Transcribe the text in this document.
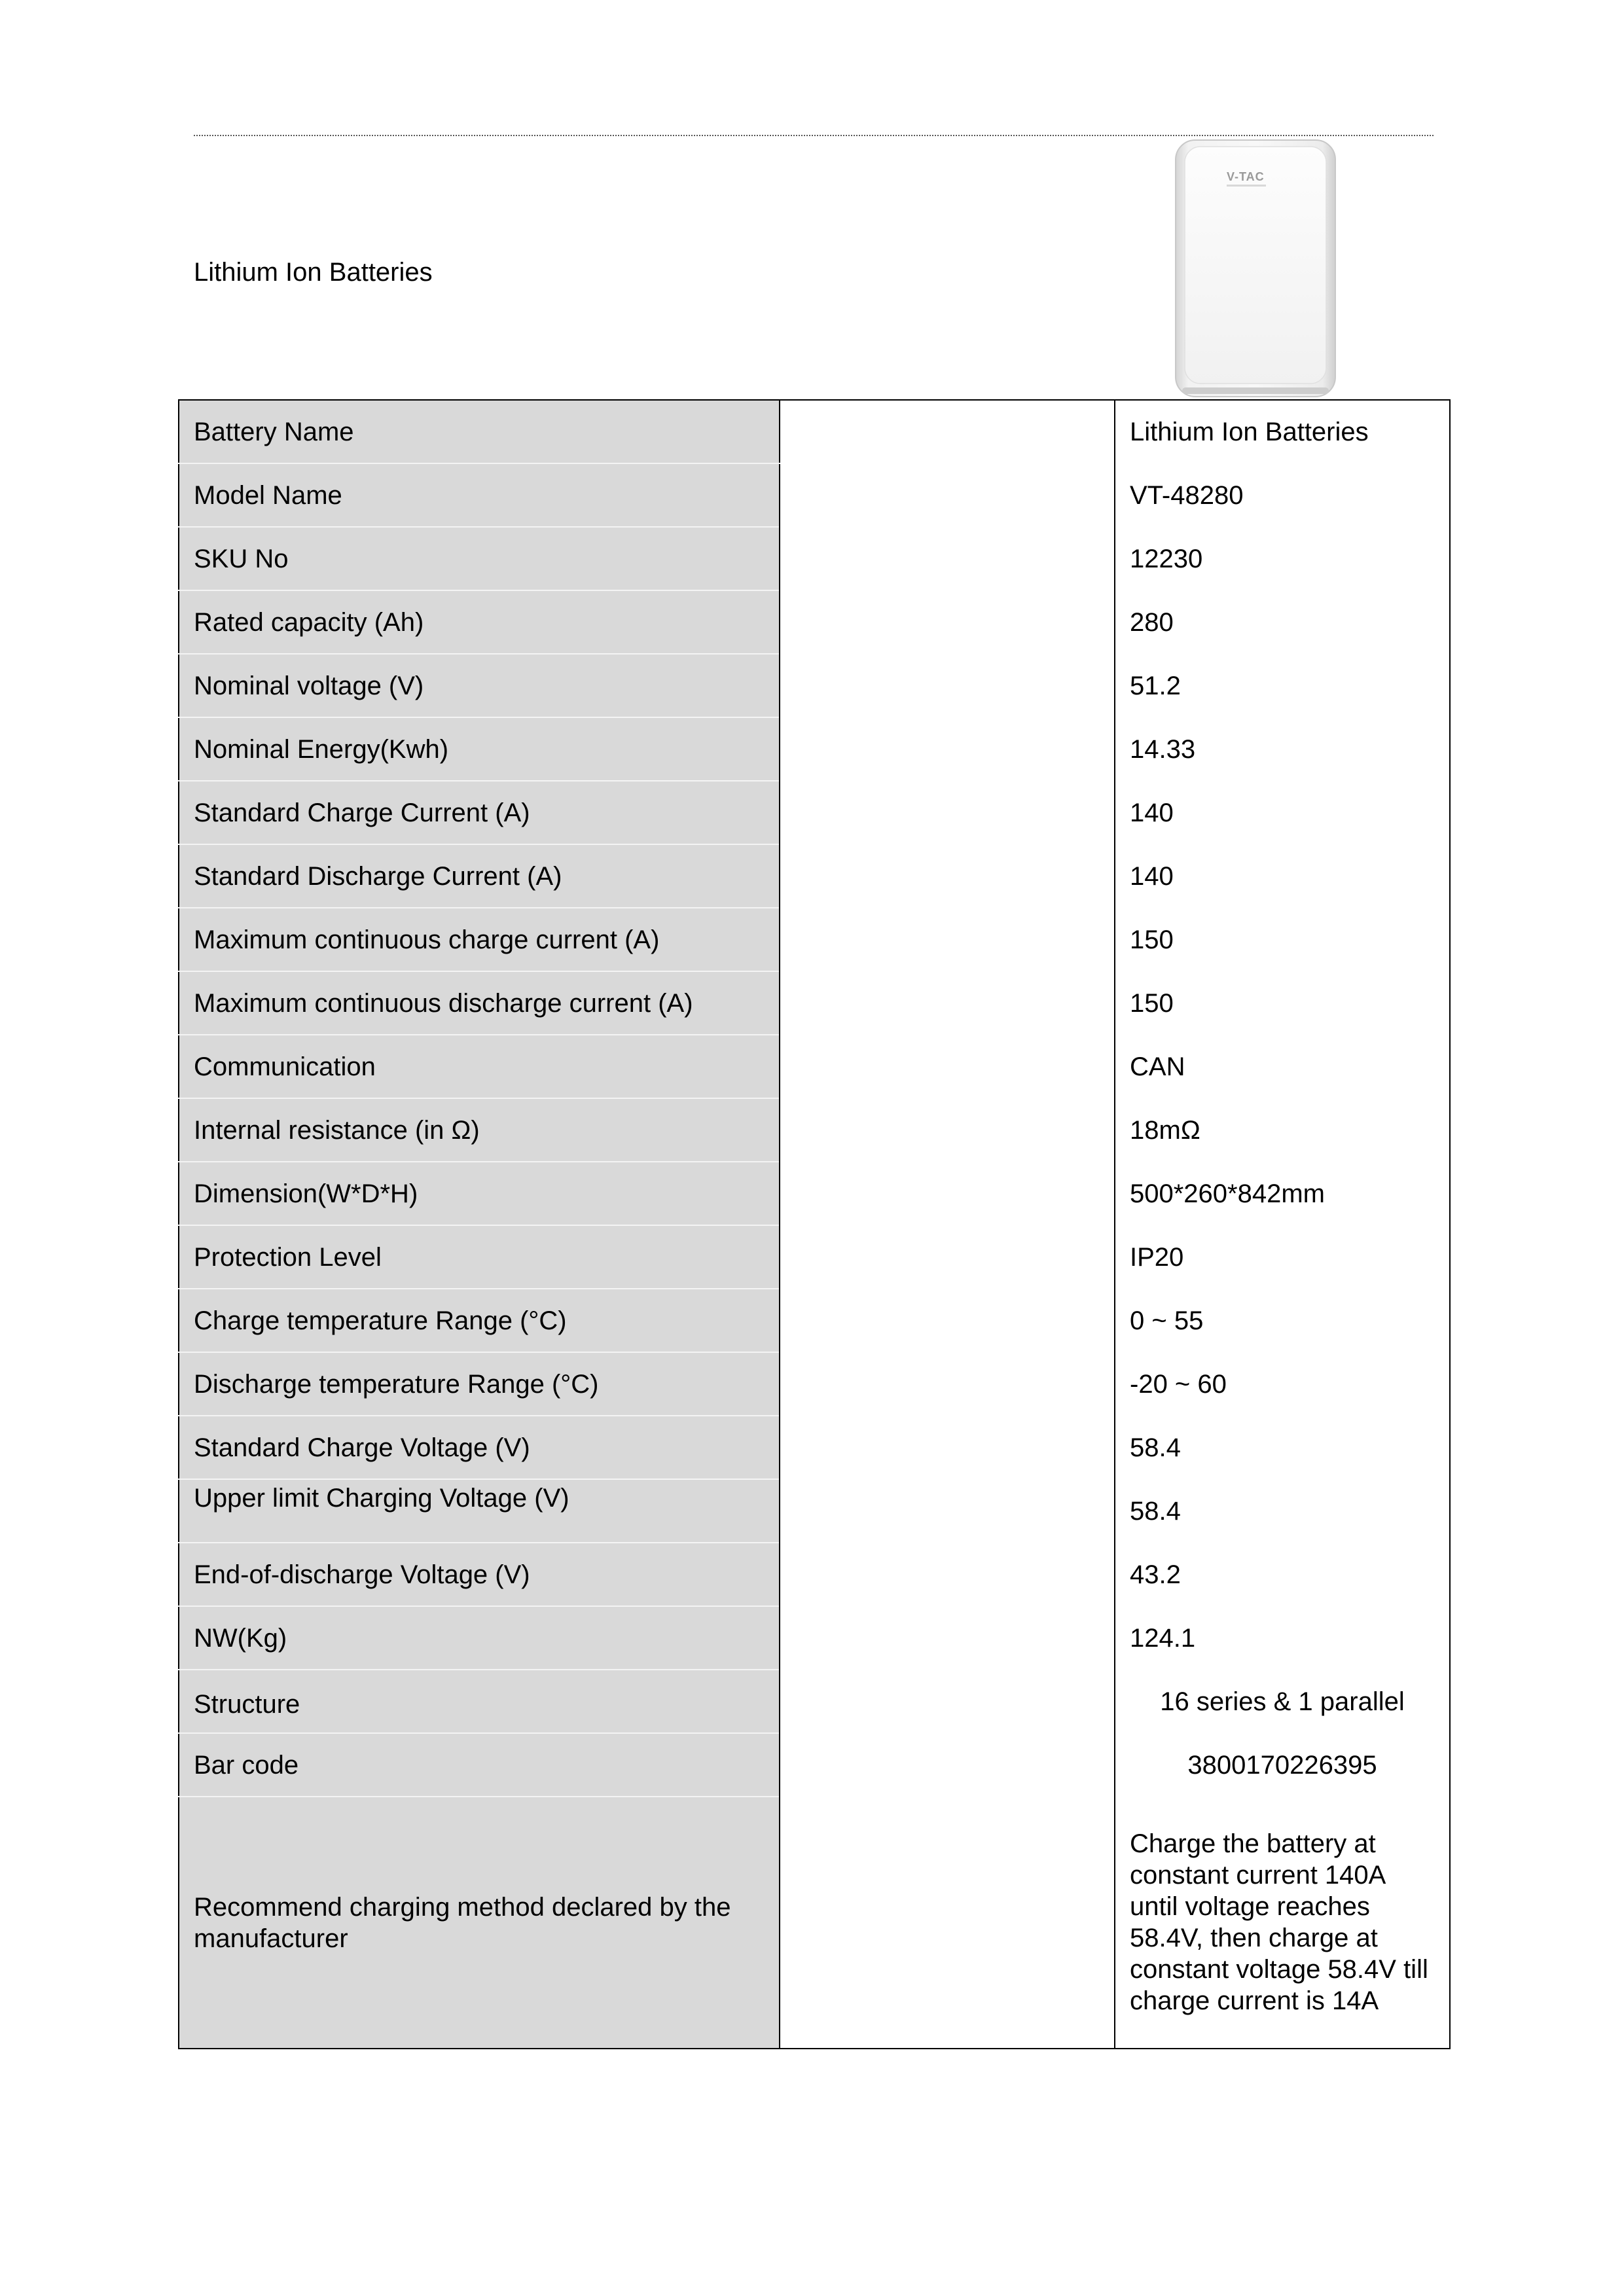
Lithium Ion Batteries
V-TAC
Battery Name		Lithium Ion Batteries
Model Name		VT-48280
SKU No		12230
Rated capacity (Ah)		280
Nominal voltage (V)		51.2
Nominal Energy(Kwh)		14.33
Standard Charge Current (A)		140
Standard Discharge Current (A)		140
Maximum continuous charge current (A)		150
Maximum continuous discharge current (A)		150
Communication		CAN
Internal resistance (in Ω)		18mΩ
Dimension(W*D*H)		500*260*842mm
Protection Level		IP20
Charge temperature Range (°C)		0 ~ 55
Discharge temperature Range (°C)		-20 ~ 60
Standard Charge Voltage (V)		58.4
Upper limit Charging Voltage (V)		58.4
End-of-discharge Voltage (V)		43.2
NW(Kg)		124.1
Structure		16 series & 1 parallel
Bar code		3800170226395
Recommend charging method declared by the manufacturer		Charge the battery at constant current 140A until voltage reaches 58.4V, then charge at constant voltage 58.4V till charge current is 14A
